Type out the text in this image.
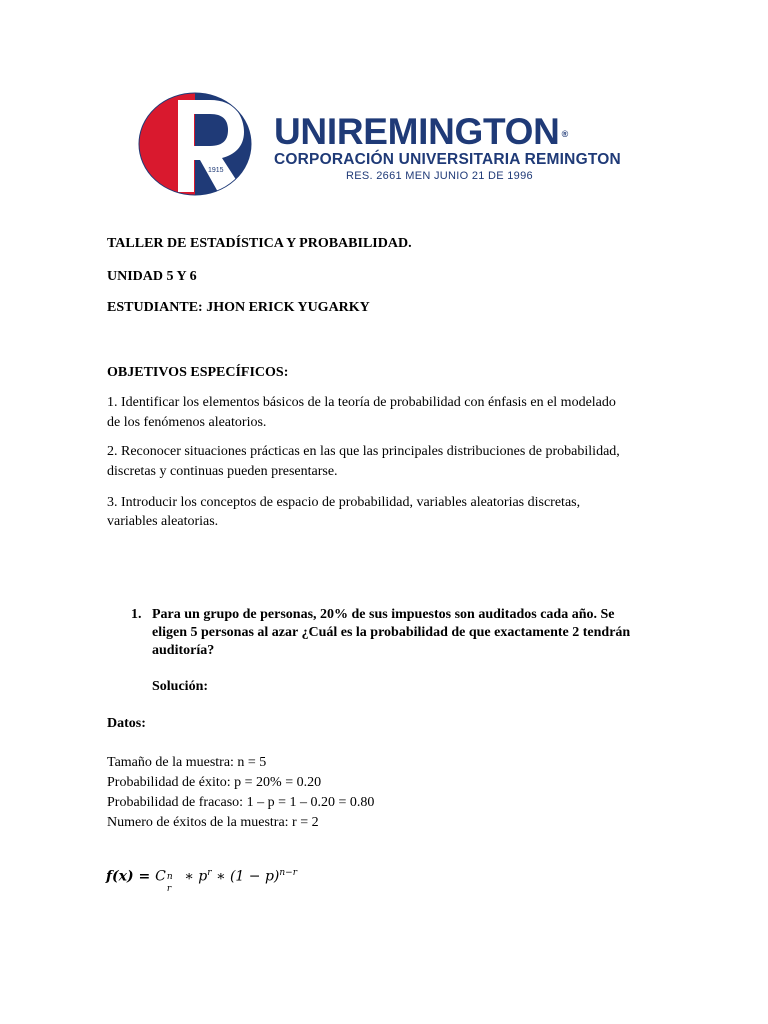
1915
UNIREMINGTON ®
CORPORACIÓN UNIVERSITARIA REMINGTON
RES. 2661 MEN JUNIO 21 DE 1996
TALLER DE ESTADÍSTICA Y PROBABILIDAD.
UNIDAD 5 Y 6
ESTUDIANTE: JHON ERICK YUGARKY
OBJETIVOS ESPECÍFICOS:
1. Identificar los elementos básicos de la teoría de probabilidad con énfasis en el modelado
de los fenómenos aleatorios.
2. Reconocer situaciones prácticas en las que las principales distribuciones de probabilidad,
discretas y continuas pueden presentarse.
3. Introducir los conceptos de espacio de probabilidad, variables aleatorias discretas,
variables aleatorias.
1. Para un grupo de personas, 20% de sus impuestos son auditados cada año. Se
eligen 5 personas al azar ¿Cuál es la probabilidad de que exactamente 2 tendrán
auditoría?
Solución:
Datos:
Tamaño de la muestra: n = 5
Probabilidad de éxito: p = 20% = 0.20
Probabilidad de fracaso: 1 – p = 1 – 0.20 = 0.80
Numero de éxitos de la muestra: r = 2
f(x) = C n
r
∗ $p^r$ ∗ $(1 - p)^{n-r}$
